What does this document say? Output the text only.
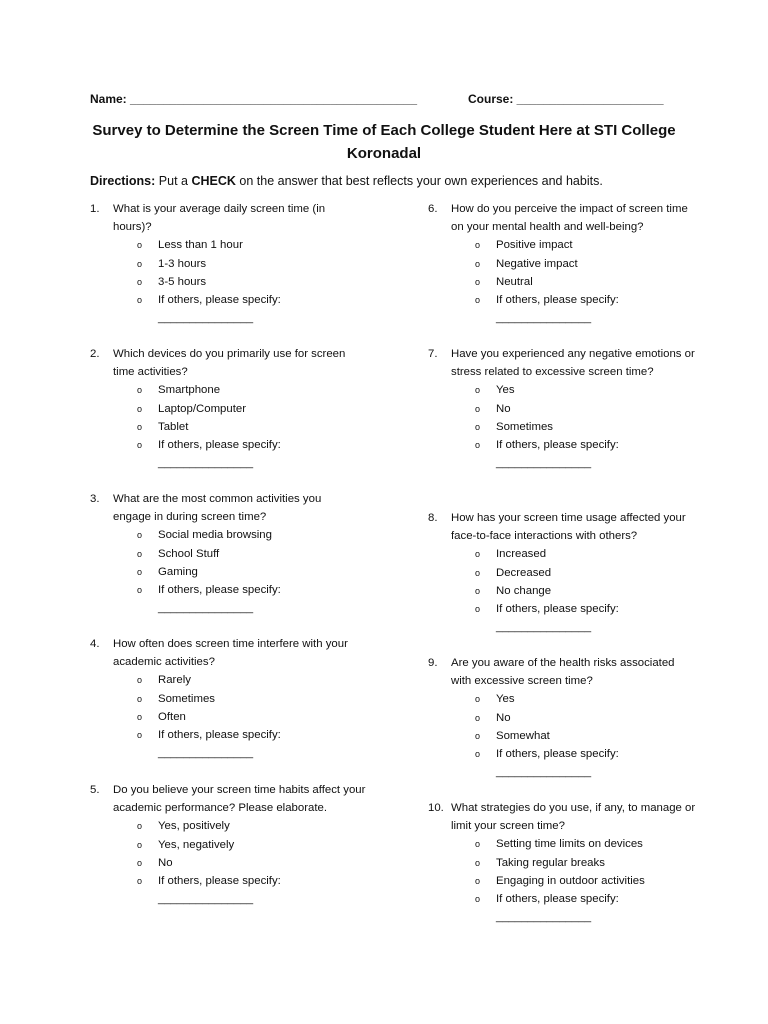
Name: ___________________________________________	Course: ______________________
Survey to Determine the Screen Time of Each College Student Here at STI College Koronadal
Directions: Put a CHECK on the answer that best reflects your own experiences and habits.
1.	What is your average daily screen time (in hours)?
o	Less than 1 hour
o	1-3 hours
o	3-5 hours
o	If others, please specify:
_______________
2.	Which devices do you primarily use for screen time activities?
o	Smartphone
o	Laptop/Computer
o	Tablet
o	If others, please specify:
_______________
3.	What are the most common activities you engage in during screen time?
o	Social media browsing
o	School Stuff
o	Gaming
o	If others, please specify:
_______________
4.	How often does screen time interfere with your academic activities?
o	Rarely
o	Sometimes
o	Often
o	If others, please specify:
_______________
5.	Do you believe your screen time habits affect your academic performance? Please elaborate.
o	Yes, positively
o	Yes, negatively
o	No
o	If others, please specify:
_______________
6.	How do you perceive the impact of screen time on your mental health and well-being?
o	Positive impact
o	Negative impact
o	Neutral
o	If others, please specify:
_______________
7.	Have you experienced any negative emotions or stress related to excessive screen time?
o	Yes
o	No
o	Sometimes
o	If others, please specify:
_______________
8.	How has your screen time usage affected your face-to-face interactions with others?
o	Increased
o	Decreased
o	No change
o	If others, please specify:
_______________
9.	Are you aware of the health risks associated with excessive screen time?
o	Yes
o	No
o	Somewhat
o	If others, please specify:
_______________
10. What strategies do you use, if any, to manage or limit your screen time?
o	Setting time limits on devices
o	Taking regular breaks
o	Engaging in outdoor activities
o	If others, please specify:
_______________
